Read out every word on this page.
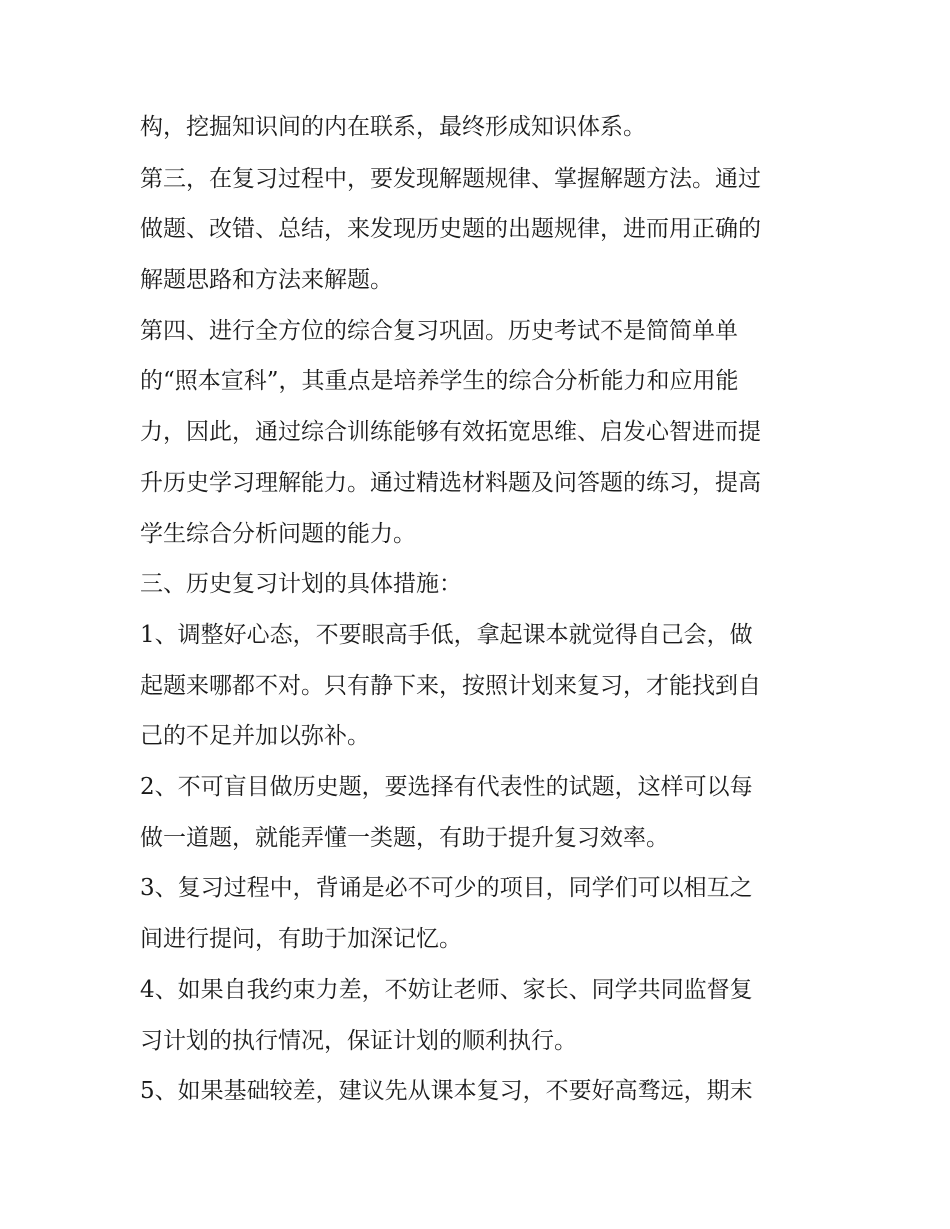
构，挖掘知识间的内在联系，最终形成知识体系。
第三，在复习过程中，要发现解题规律、掌握解题方法。通过
做题、改错、总结，来发现历史题的出题规律，进而用正确的
解题思路和方法来解题。
第四、进行全方位的综合复习巩固。历史考试不是简简单单
的“照本宣科”，其重点是培养学生的综合分析能力和应用能
力，因此，通过综合训练能够有效拓宽思维、启发心智进而提
升历史学习理解能力。通过精选材料题及问答题的练习，提高
学生综合分析问题的能力。
三、历史复习计划的具体措施：
1、调整好心态，不要眼高手低，拿起课本就觉得自己会，做
起题来哪都不对。只有静下来，按照计划来复习，才能找到自
己的不足并加以弥补。
2、不可盲目做历史题，要选择有代表性的试题，这样可以每
做一道题，就能弄懂一类题，有助于提升复习效率。
3、复习过程中，背诵是必不可少的项目，同学们可以相互之
间进行提问，有助于加深记忆。
4、如果自我约束力差，不妨让老师、家长、同学共同监督复
习计划的执行情况，保证计划的顺利执行。
5、如果基础较差，建议先从课本复习，不要好高骛远，期末
